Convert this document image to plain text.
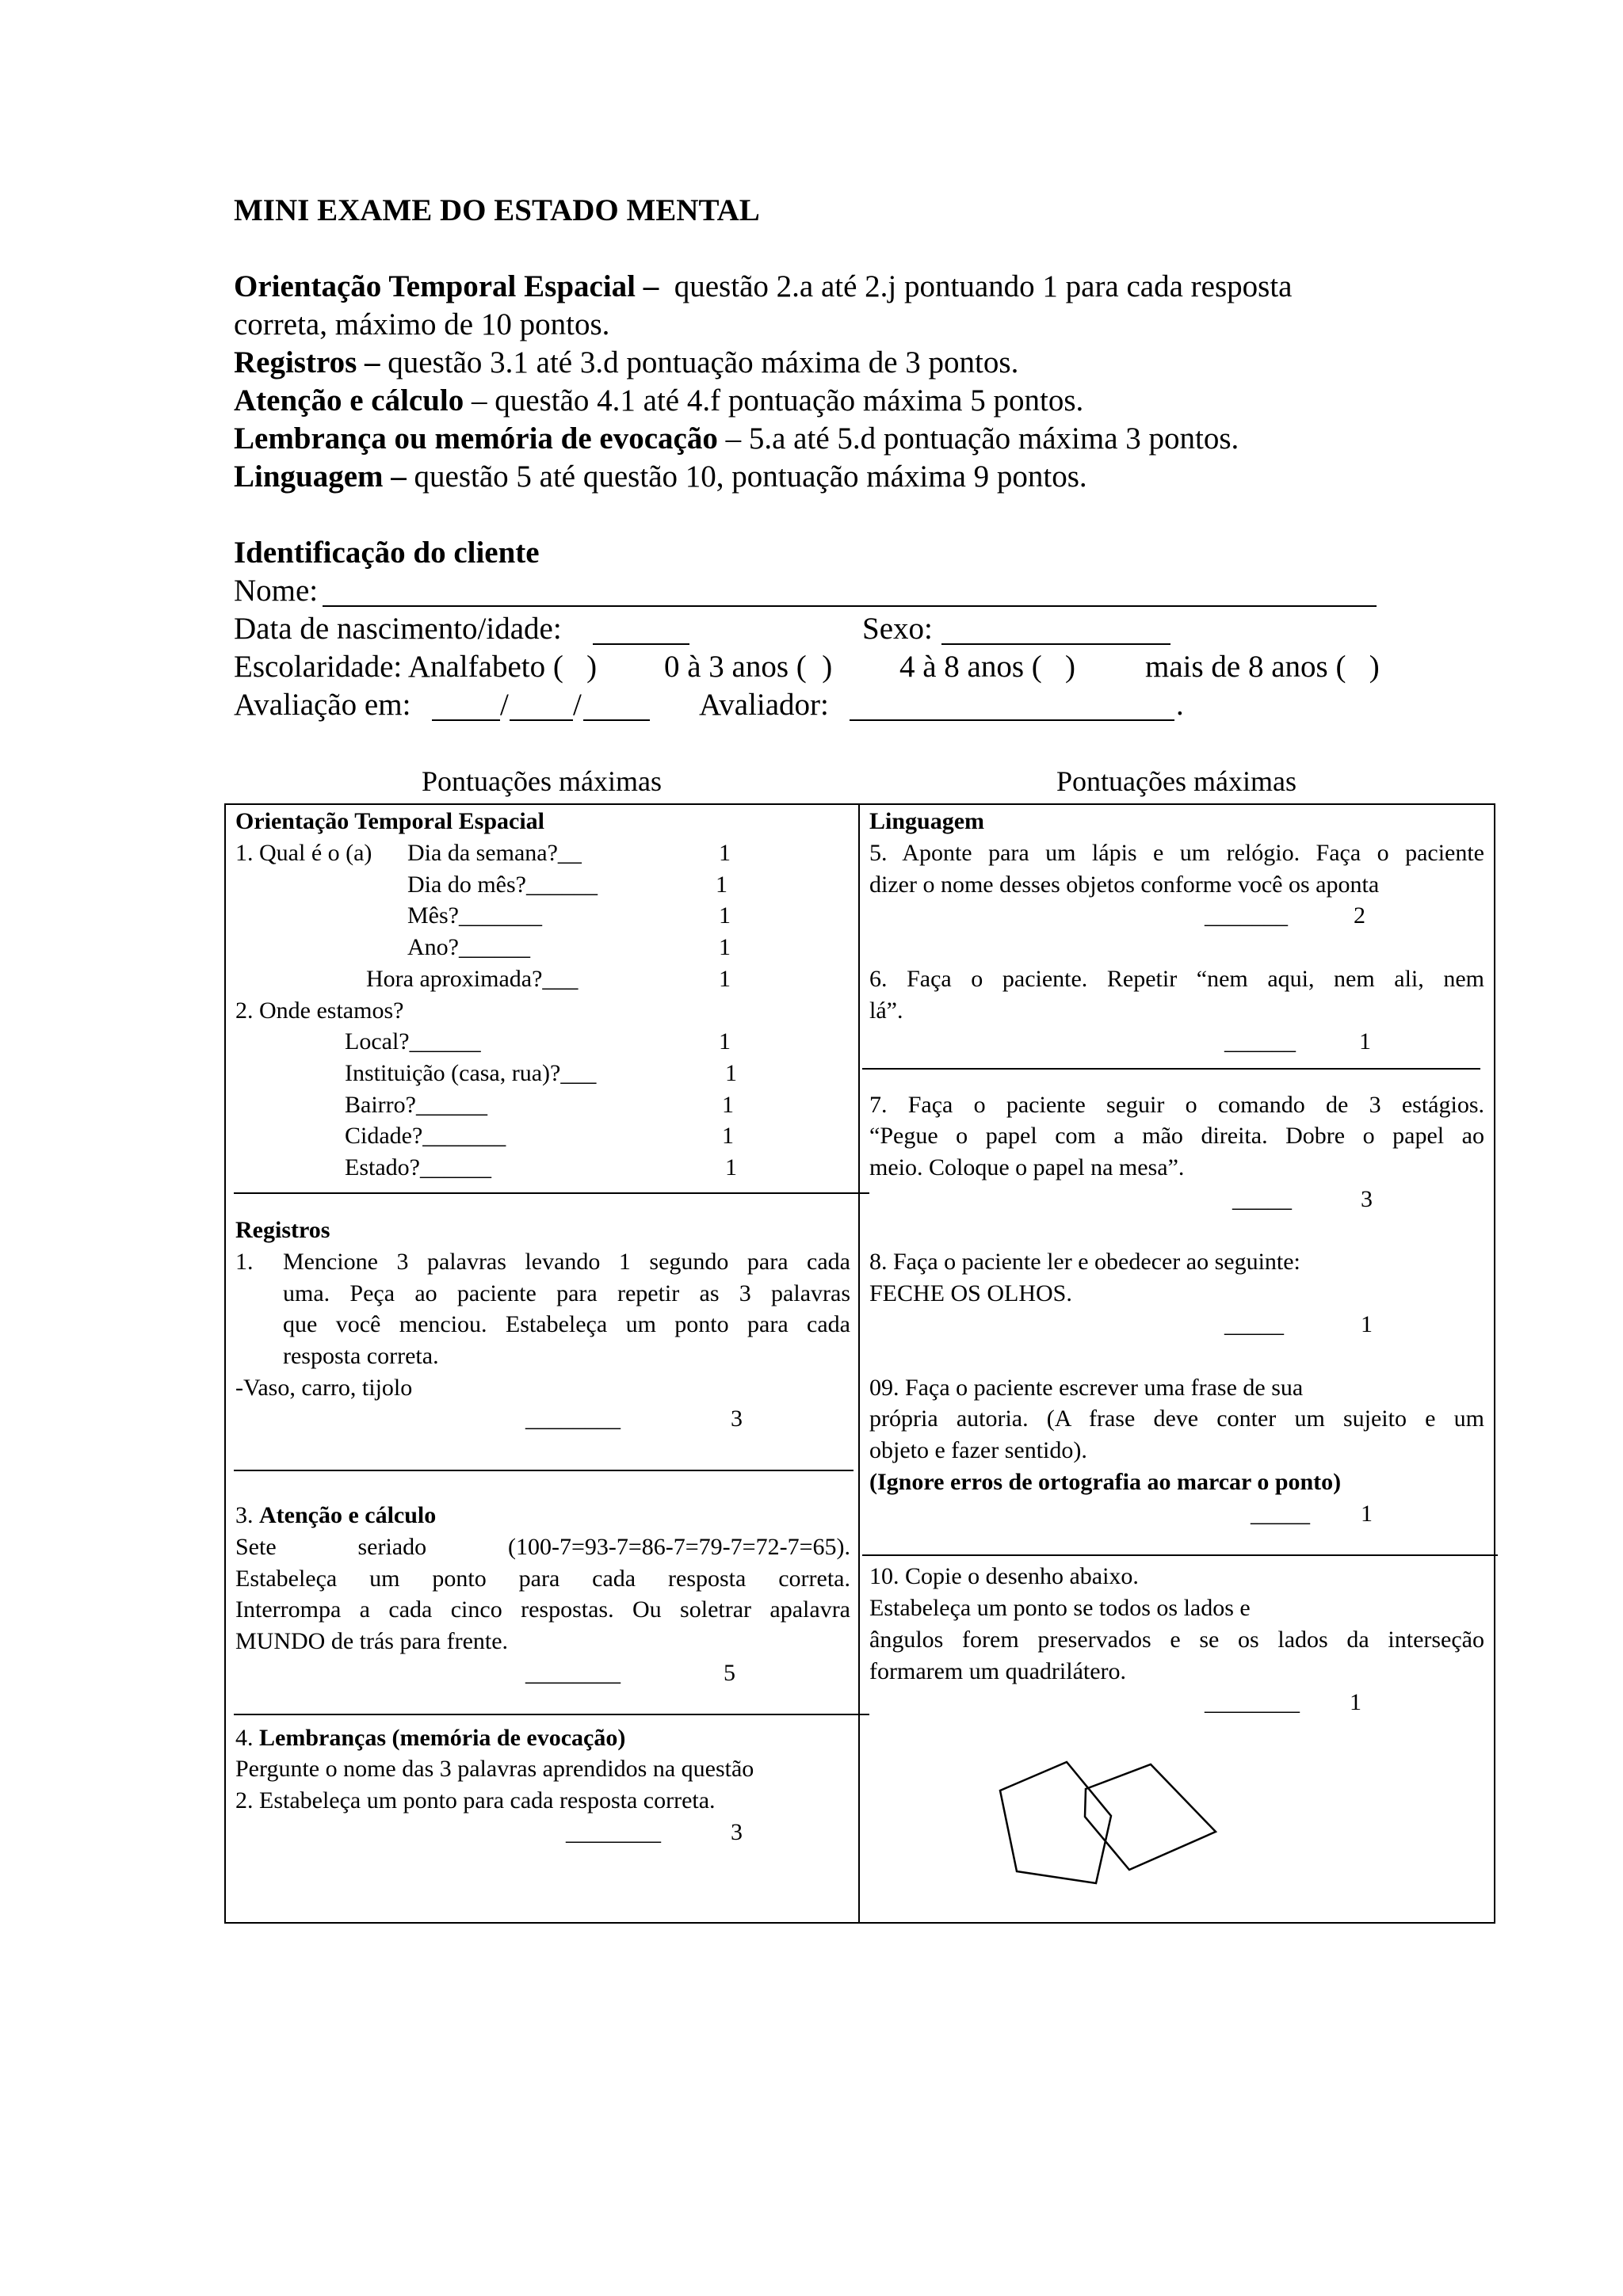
MINI EXAME DO ESTADO MENTAL
Orientação Temporal Espacial –  questão 2.a até 2.j pontuando 1 para cada resposta
correta, máximo de 10 pontos.
Registros – questão 3.1 até 3.d pontuação máxima de 3 pontos.
Atenção e cálculo – questão 4.1 até 4.f pontuação máxima 5 pontos.
Lembrança ou memória de evocação – 5.a até 5.d pontuação máxima 3 pontos.
Linguagem – questão 5 até questão 10, pontuação máxima 9 pontos.
Identificação do cliente
Nome:
Data de nascimento/idade:	Sexo:
Escolaridade: Analfabeto (   ) 0 à 3 anos (  ) 4 à 8 anos (   ) mais de 8 anos (   )
Avaliação em:	/ /	Avaliador:	.
Pontuações máximas	Pontuações máximas
Orientação Temporal Espacial
1. Qual é o (a) Dia da semana?__	1
Dia do mês?______	1
Mês?_______	1
Ano?______	1
Hora aproximada?___	1
2. Onde estamos?
Local?______	1
Instituição (casa, rua)?___	1
Bairro?______	1
Cidade?_______	1
Estado?______	1
Registros
1. Mencione 3 palavras levando 1 segundo para cada
uma. Peça ao paciente para repetir as 3 palavras
que você menciou. Estabeleça um ponto para cada
resposta correta.
-Vaso, carro, tijolo
________	3
3. Atenção e cálculo
Sete seriado (100-7=93-7=86-7=79-7=72-7=65).
Estabeleça um ponto para cada resposta correta.
Interrompa a cada cinco respostas. Ou soletrar apalavra
MUNDO de trás para frente.
________	5
4. Lembranças (memória de evocação)
Pergunte o nome das 3 palavras aprendidos na questão
2. Estabeleça um ponto para cada resposta correta.
________	3
Linguagem
5. Aponte para um lápis e um relógio. Faça o paciente
dizer o nome desses objetos conforme você os aponta
_______	2
6. Faça o paciente. Repetir “nem aqui, nem ali, nem
lá”.
______	1
7. Faça o paciente seguir o comando de 3 estágios.
“Pegue o papel com a mão direita. Dobre o papel ao
meio. Coloque o papel na mesa”.
_____	3
8. Faça o paciente ler e obedecer ao seguinte:
FECHE OS OLHOS.
_____	1
09. Faça o paciente escrever uma frase de sua
própria autoria. (A frase deve conter um sujeito e um
objeto e fazer sentido).
(Ignore erros de ortografia ao marcar o ponto)
_____ 1
10. Copie o desenho abaixo.
Estabeleça um ponto se todos os lados e
ângulos forem preservados e se os lados da interseção
formarem um quadrilátero.
________ 1
